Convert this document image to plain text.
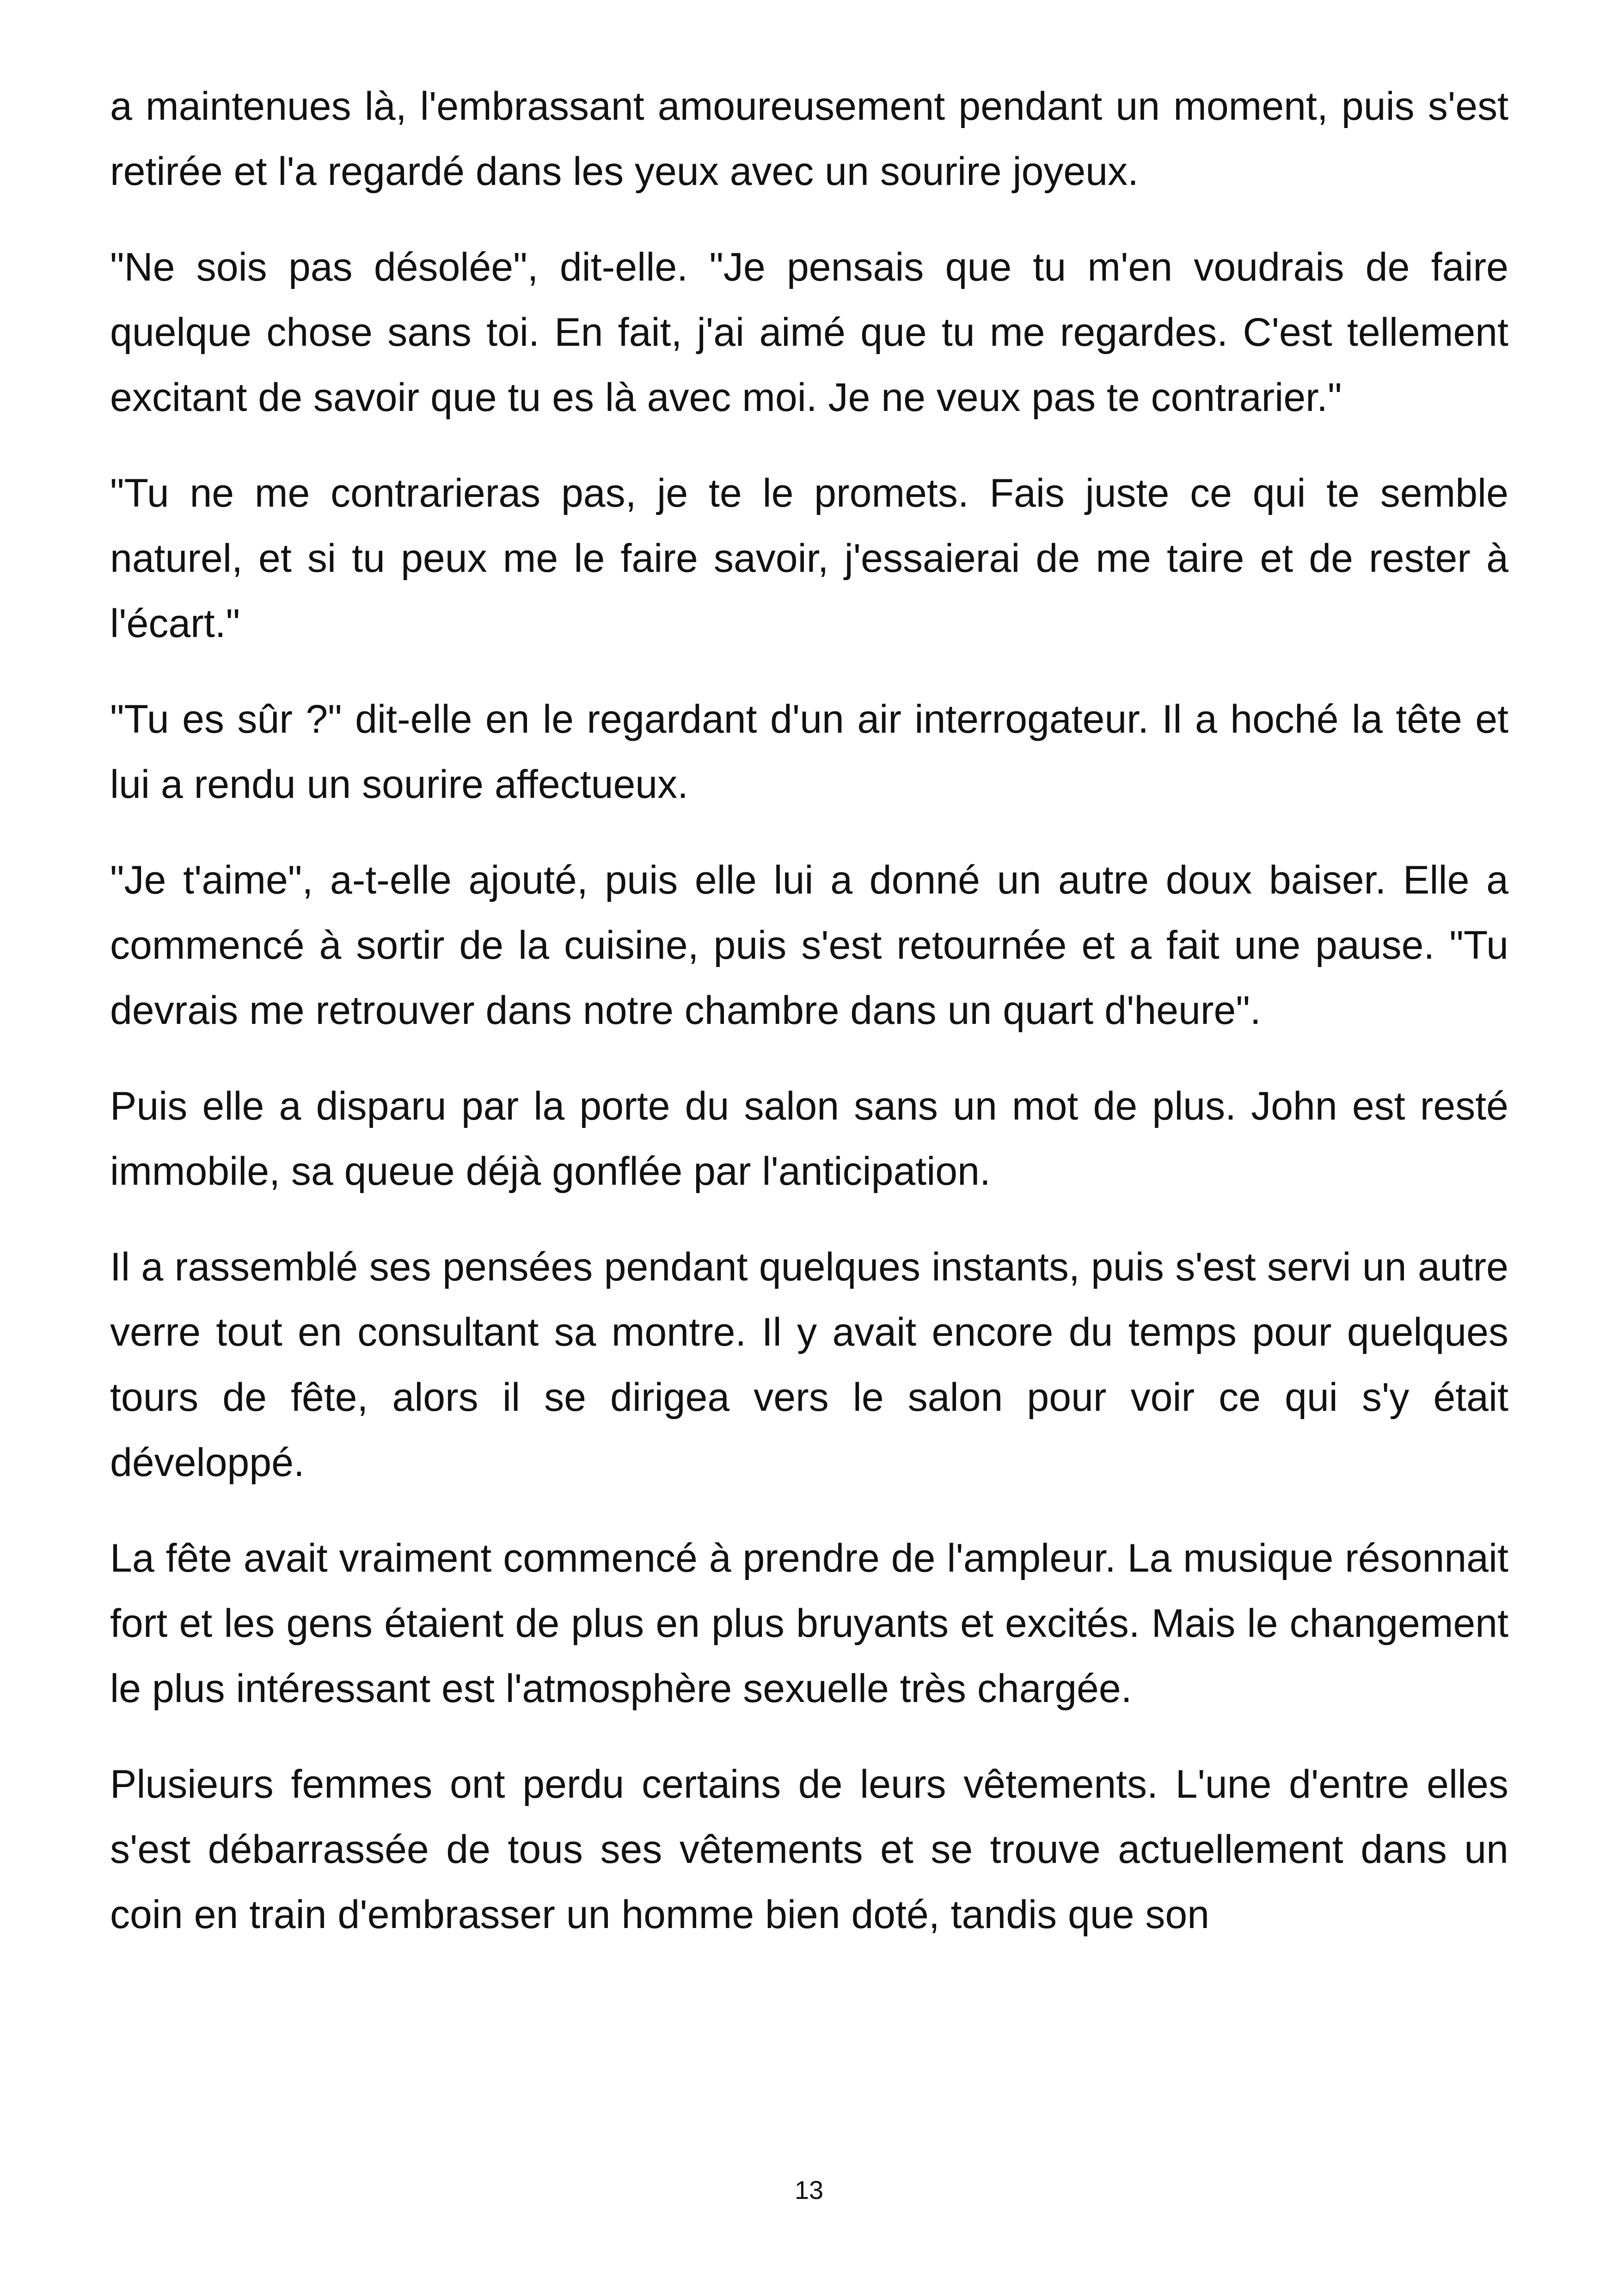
a maintenues là, l'embrassant amoureusement pendant un moment, puis s'est retirée et l'a regardé dans les yeux avec un sourire joyeux.

"Ne sois pas désolée", dit-elle. "Je pensais que tu m'en voudrais de faire quelque chose sans toi. En fait, j'ai aimé que tu me regardes. C'est tellement excitant de savoir que tu es là avec moi. Je ne veux pas te contrarier."

"Tu ne me contrarieras pas, je te le promets. Fais juste ce qui te semble naturel, et si tu peux me le faire savoir, j'essaierai de me taire et de rester à l'écart."

"Tu es sûr ?" dit-elle en le regardant d'un air interrogateur. Il a hoché la tête et lui a rendu un sourire affectueux.

"Je t'aime", a-t-elle ajouté, puis elle lui a donné un autre doux baiser. Elle a commencé à sortir de la cuisine, puis s'est retournée et a fait une pause. "Tu devrais me retrouver dans notre chambre dans un quart d'heure".

Puis elle a disparu par la porte du salon sans un mot de plus. John est resté immobile, sa queue déjà gonflée par l'anticipation.

Il a rassemblé ses pensées pendant quelques instants, puis s'est servi un autre verre tout en consultant sa montre. Il y avait encore du temps pour quelques tours de fête, alors il se dirigea vers le salon pour voir ce qui s'y était développé.

La fête avait vraiment commencé à prendre de l'ampleur. La musique résonnait fort et les gens étaient de plus en plus bruyants et excités. Mais le changement le plus intéressant est l'atmosphère sexuelle très chargée.

Plusieurs femmes ont perdu certains de leurs vêtements. L'une d'entre elles s'est débarrassée de tous ses vêtements et se trouve actuellement dans un coin en train d'embrasser un homme bien doté, tandis que son

13
